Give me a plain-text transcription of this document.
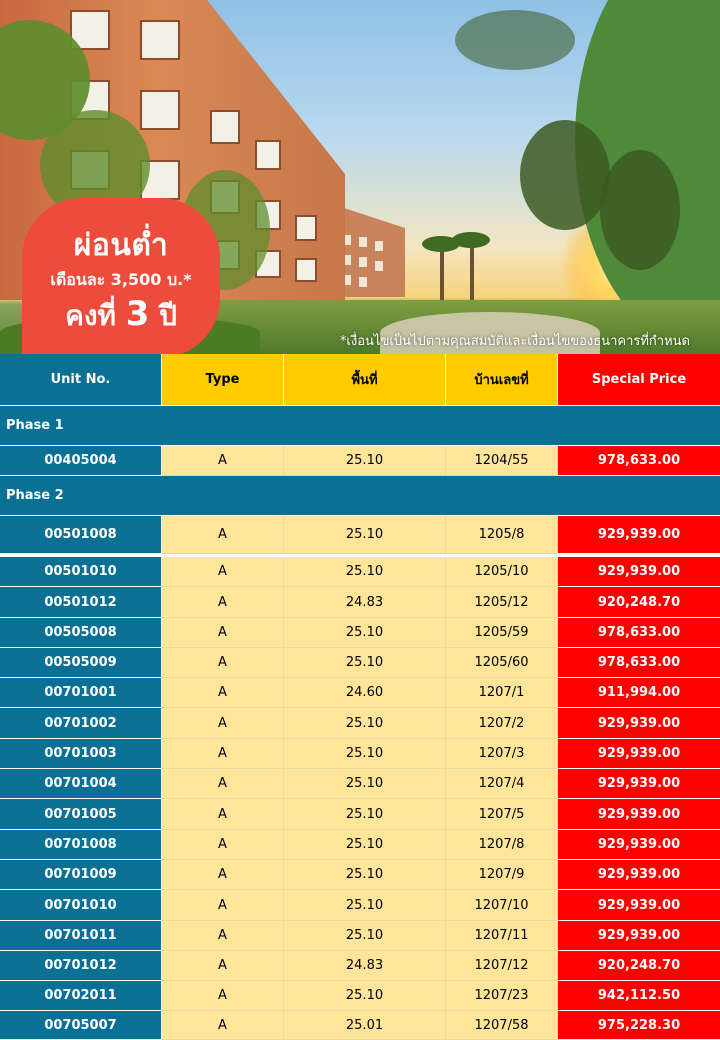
ผ่อนต่ำ
เดือนละ 3,500 บ.*
คงที่ 3 ปี
*เงื่อนไขเป็นไปตามคุณสมบัติและเงื่อนไขของธนาคารที่กำหนด
Unit No.	Type	พื้นที่	บ้านเลขที่	Special Price
Phase 1
00405004	A	25.10	1204/55	978,633.00
Phase 2
00501008	A	25.10	1205/8	929,939.00
00501010	A	25.10	1205/10	929,939.00
00501012	A	24.83	1205/12	920,248.70
00505008	A	25.10	1205/59	978,633.00
00505009	A	25.10	1205/60	978,633.00
00701001	A	24.60	1207/1	911,994.00
00701002	A	25.10	1207/2	929,939.00
00701003	A	25.10	1207/3	929,939.00
00701004	A	25.10	1207/4	929,939.00
00701005	A	25.10	1207/5	929,939.00
00701008	A	25.10	1207/8	929,939.00
00701009	A	25.10	1207/9	929,939.00
00701010	A	25.10	1207/10	929,939.00
00701011	A	25.10	1207/11	929,939.00
00701012	A	24.83	1207/12	920,248.70
00702011	A	25.10	1207/23	942,112.50
00705007	A	25.01	1207/58	975,228.30
